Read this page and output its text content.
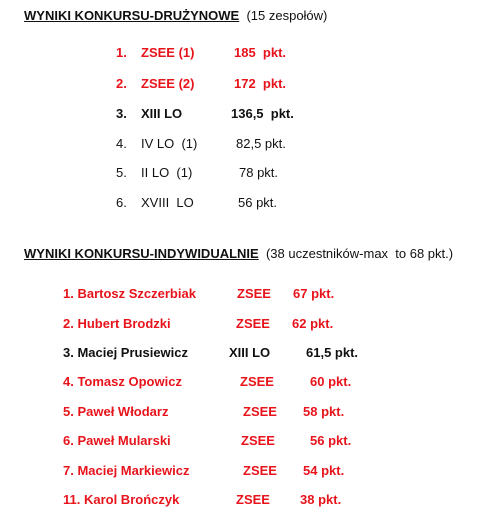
WYNIKI KONKURSU-DRUŻYNOWE (15 zespołów)
1. ZSEE (1)	185  pkt.
2. ZSEE (2)	172  pkt.
3. XIII LO	136,5  pkt.
4. IV LO  (1)	82,5 pkt.
5. II LO  (1)	78 pkt.
6. XVIII  LO	56 pkt.
WYNIKI KONKURSU-INDYWIDUALNIE (38 uczestników-max  to 68 pkt.)
1. Bartosz Szczerbiak	ZSEE 67 pkt.
2. Hubert Brodzki	ZSEE 62 pkt.
3. Maciej Prusiewicz	XIII LO	61,5 pkt.
4. Tomasz Opowicz	ZSEE	60 pkt.
5. Paweł Włodarz	ZSEE 58 pkt.
6. Paweł Mularski	ZSEE	56 pkt.
7. Maciej Markiewicz	ZSEE 54 pkt.
11. Karol Brończyk	ZSEE 38 pkt.
